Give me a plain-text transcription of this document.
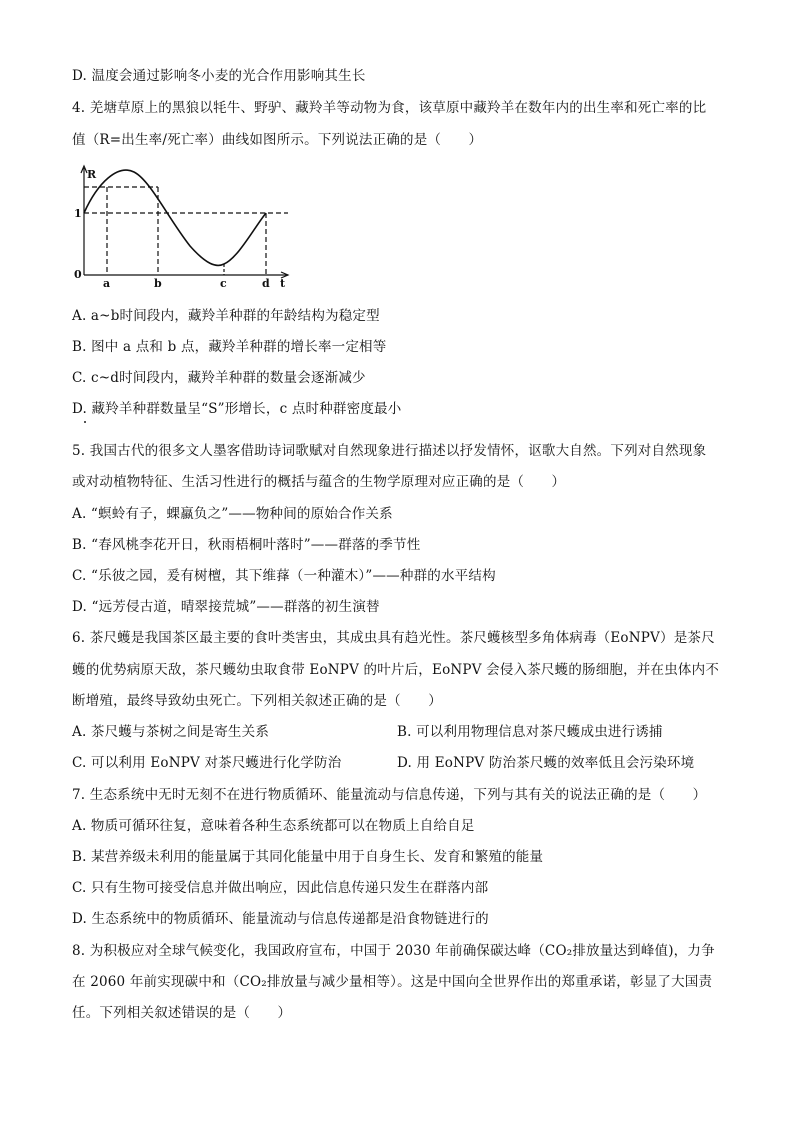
D. 温度会通过影响冬小麦的光合作用影响其生长
4. 羌塘草原上的黑狼以牦牛、野驴、藏羚羊等动物为食，该草原中藏羚羊在数年内的出生率和死亡率的比
值（R=出生率/死亡率）曲线如图所示。下列说法正确的是（　　）
R
1
0
a	b	c	d t
A. a~b时间段内，藏羚羊种群的年龄结构为稳定型
B. 图中 a 点和 b 点，藏羚羊种群的增长率一定相等
C. c~d时间段内，藏羚羊种群的数量会逐渐减少
D. 藏羚羊种群数量呈“S”形增长，c 点时种群密度最小
5. 我国古代的很多文人墨客借助诗词歌赋对自然现象进行描述以抒发情怀，讴歌大自然。下列对自然现象
或对动植物特征、生活习性进行的概括与蕴含的生物学原理对应正确的是（　　）
A. “螟蛉有子，蜾蠃负之”——物种间的原始合作关系
B. “春风桃李花开日，秋雨梧桐叶落时”——群落的季节性
C. “乐彼之园，爰有树檀，其下维萚（一种灌木）”——种群的水平结构
D. “远芳侵古道，晴翠接荒城”——群落的初生演替
6. 茶尺蠖是我国茶区最主要的食叶类害虫，其成虫具有趋光性。茶尺蠖核型多角体病毒（EoNPV）是茶尺
蠖的优势病原天敌，茶尺蠖幼虫取食带 EoNPV 的叶片后，EoNPV 会侵入茶尺蠖的肠细胞，并在虫体内不
断增殖，最终导致幼虫死亡。下列相关叙述正确的是（　　）
A. 茶尺蠖与茶树之间是寄生关系	B. 可以利用物理信息对茶尺蠖成虫进行诱捕
C. 可以利用 EoNPV 对茶尺蠖进行化学防治	D. 用 EoNPV 防治茶尺蠖的效率低且会污染环境
7. 生态系统中无时无刻不在进行物质循环、能量流动与信息传递，下列与其有关的说法正确的是（　　）
A. 物质可循环往复，意味着各种生态系统都可以在物质上自给自足
B. 某营养级未利用的能量属于其同化能量中用于自身生长、发育和繁殖的能量
C. 只有生物可接受信息并做出响应，因此信息传递只发生在群落内部
D. 生态系统中的物质循环、能量流动与信息传递都是沿食物链进行的
8. 为积极应对全球气候变化，我国政府宣布，中国于 2030 年前确保碳达峰（CO₂排放量达到峰值)，力争
在 2060 年前实现碳中和（CO₂排放量与减少量相等）。这是中国向全世界作出的郑重承诺，彰显了大国责
任。下列相关叙述错误的是（　　）
